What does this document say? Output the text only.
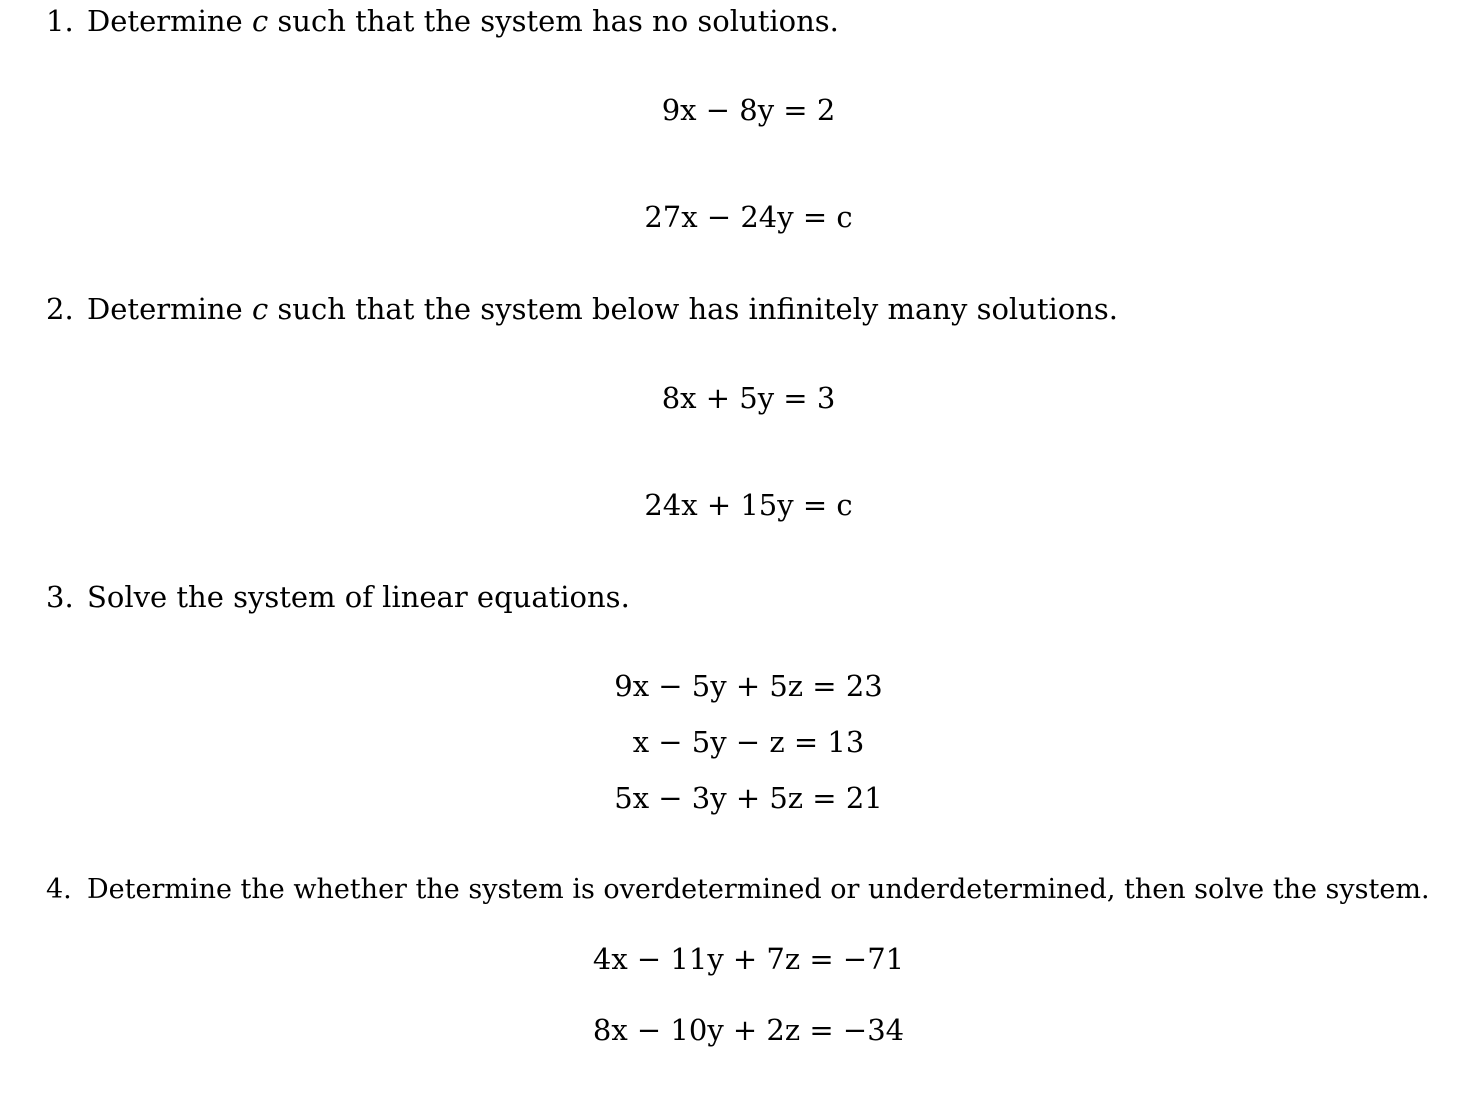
1. Determine c such that the system has no solutions.
9x − 8y = 2
27x − 24y = c
2. Determine c such that the system below has infinitely many solutions.
8x + 5y = 3
24x + 15y = c
3. Solve the system of linear equations.
9x − 5y + 5z = 23
x − 5y − z = 13
5x − 3y + 5z = 21
4. Determine the whether the system is overdetermined or underdetermined, then solve the system.
4x − 11y + 7z = −71
8x − 10y + 2z = −34
